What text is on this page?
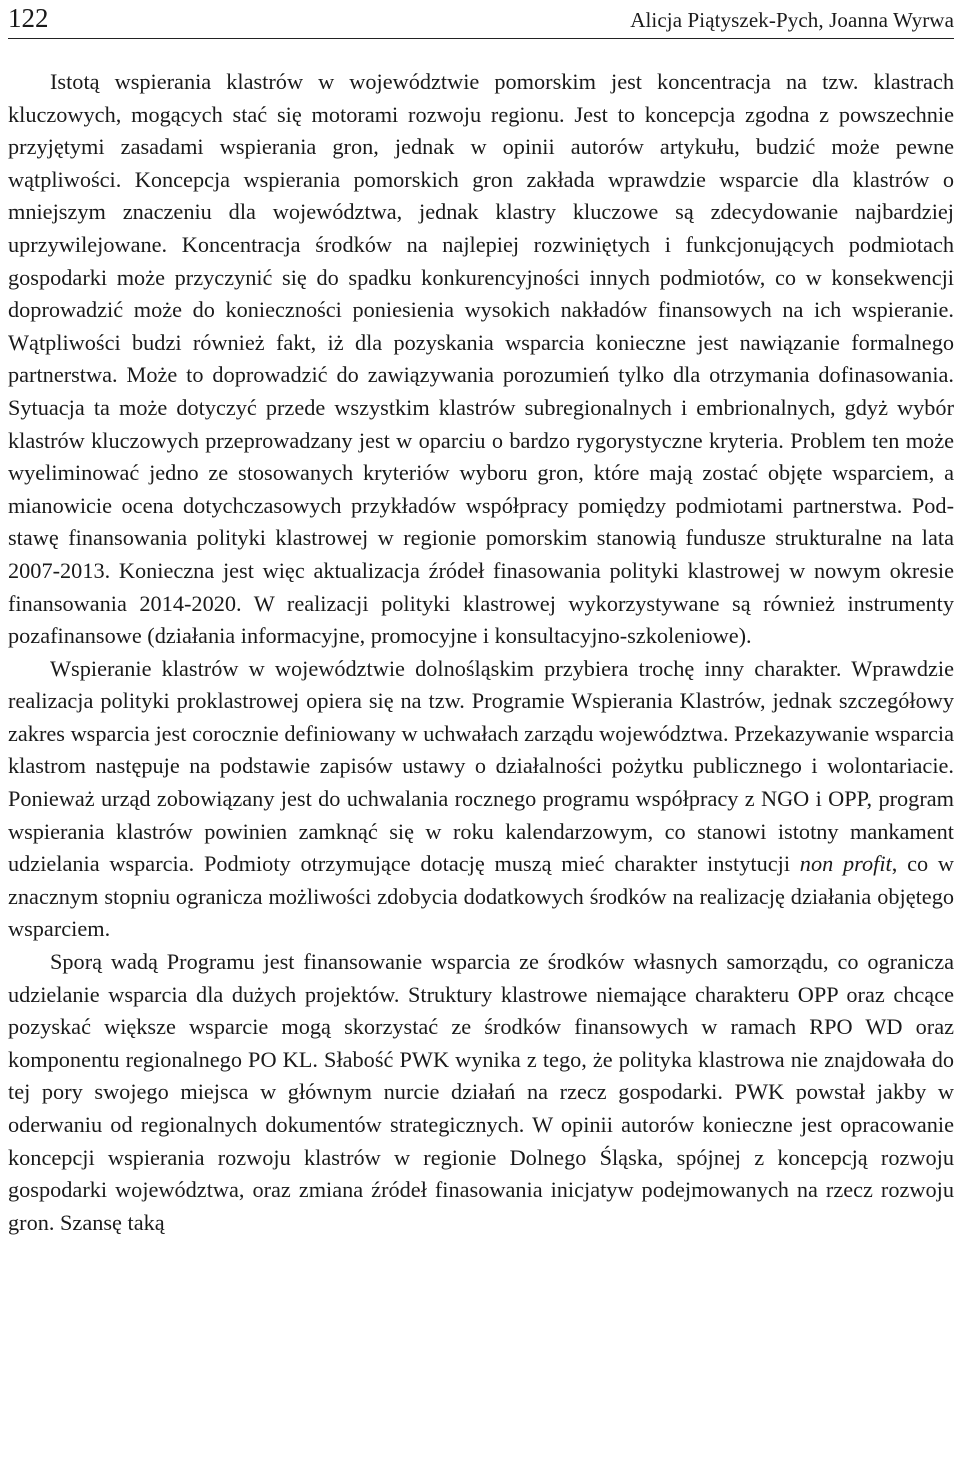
122	Alicja Piątyszek-Pych, Joanna Wyrwa

Istotą wspierania klastrów w województwie pomorskim jest koncentracja na tzw. klastrach kluczowych, mogących stać się motorami rozwoju regionu. Jest to koncepcja zgodna z powszechnie przyjętymi zasadami wspierania gron, jednak w opinii autorów artykułu, budzić może pewne wątpliwości. Koncepcja wspierania pomorskich gron zakłada wprawdzie wsparcie dla klastrów o mniejszym znaczeniu dla województwa, jednak klastry kluczowe są zdecydowanie najbardziej uprzywilejowane. Koncentracja środków na najlepiej rozwiniętych i funkcjonujących podmiotach gospodarki może przyczynić się do spadku konkurencyjności innych podmiotów, co w konsekwencji doprowadzić może do konieczności poniesienia wysokich nakładów finansowych na ich wspieranie. Wątpliwości budzi również fakt, iż dla pozyskania wsparcia konieczne jest nawiązanie formalnego partnerstwa. Może to doprowadzić do zawiązywania porozumień tylko dla otrzymania dofinasowania. Sytuacja ta może dotyczyć przede wszystkim klastrów subregionalnych i embrionalnych, gdyż wybór klastrów kluczowych przeprowadzany jest w oparciu o bardzo rygorystyczne kryteria. Problem ten może wyeliminować jedno ze stosowanych kryteriów wyboru gron, które mają zostać objęte wsparciem, a mianowicie ocena dotychczasowych przykładów współpracy pomiędzy podmiotami partnerstwa. Podstawę finansowania polityki klastrowej w regionie pomorskim stanowią fundusze strukturalne na lata 2007-2013. Konieczna jest więc aktualizacja źródeł finasowania polityki klastrowej w nowym okresie finansowania 2014-2020. W realizacji polityki klastrowej wykorzystywane są również instrumenty pozafinansowe (działania informacyjne, promocyjne i konsultacyjno-szkoleniowe).

Wspieranie klastrów w województwie dolnośląskim przybiera trochę inny charakter. Wprawdzie realizacja polityki proklastrowej opiera się na tzw. Programie Wspierania Klastrów, jednak szczegółowy zakres wsparcia jest corocznie definiowany w uchwałach zarządu województwa. Przekazywanie wsparcia klastrom następuje na podstawie zapisów ustawy o działalności pożytku publicznego i wolontariacie. Ponieważ urząd zobowiązany jest do uchwalania rocznego programu współpracy z NGO i OPP, program wspierania klastrów powinien zamknąć się w roku kalendarzowym, co stanowi istotny mankament udzielania wsparcia. Podmioty otrzymujące dotację muszą mieć charakter instytucji non profit, co w znacznym stopniu ogranicza możliwości zdobycia dodatkowych środków na realizację działania objętego wsparciem.

Sporą wadą Programu jest finansowanie wsparcia ze środków własnych samorządu, co ogranicza udzielanie wsparcia dla dużych projektów. Struktury klastrowe niemające charakteru OPP oraz chcące pozyskać większe wsparcie mogą skorzystać ze środków finansowych w ramach RPO WD oraz komponentu regionalnego PO KL. Słabość PWK wynika z tego, że polityka klastrowa nie znajdowała do tej pory swojego miejsca w głównym nurcie działań na rzecz gospodarki. PWK powstał jakby w oderwaniu od regionalnych dokumentów strategicznych. W opinii autorów konieczne jest opracowanie koncepcji wspierania rozwoju klastrów w regionie Dolnego Śląska, spójnej z koncepcją rozwoju gospodarki województwa, oraz zmiana źródeł finasowania inicjatyw podejmowanych na rzecz rozwoju gron. Szansę taką
